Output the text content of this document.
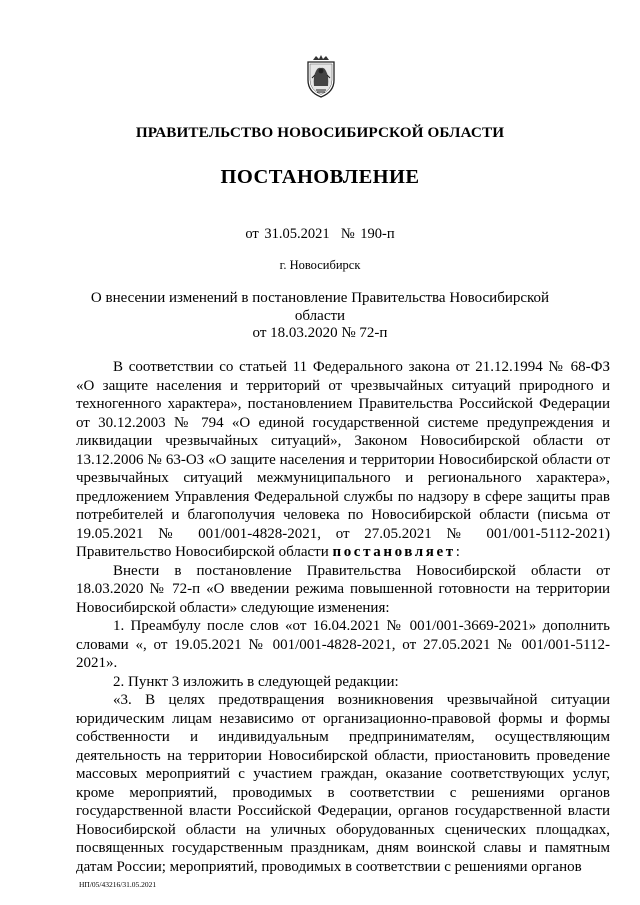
ПРАВИТЕЛЬСТВО НОВОСИБИРСКОЙ ОБЛАСТИ
ПОСТАНОВЛЕНИЕ
от 31.05.2021  № 190-п
г. Новосибирск
О внесении изменений в постановление Правительства Новосибирской области
от 18.03.2020 № 72-п

В соответствии со статьей 11 Федерального закона от 21.12.1994 № 68-ФЗ «О защите населения и территорий от чрезвычайных ситуаций природного и техногенного характера», постановлением Правительства Российской Федерации от 30.12.2003 № 794 «О единой государственной системе предупреждения и ликвидации чрезвычайных ситуаций», Законом Новосибирской области от 13.12.2006 № 63-ОЗ «О защите населения и территории Новосибирской области от чрезвычайных ситуаций межмуниципального и регионального характера», предложением Управления Федеральной службы по надзору в сфере защиты прав потребителей и благополучия человека по Новосибирской области (письма от 19.05.2021 № 001/001-4828-2021, от 27.05.2021 № 001/001-5112-2021) Правительство Новосибирской области постановляет:

Внести в постановление Правительства Новосибирской области от 18.03.2020 № 72-п «О введении режима повышенной готовности на территории Новосибирской области» следующие изменения:

1. Преамбулу после слов «от 16.04.2021 № 001/001-3669-2021» дополнить словами «, от 19.05.2021 № 001/001-4828-2021, от 27.05.2021 № 001/001-5112-2021».

2. Пункт 3 изложить в следующей редакции:

«3. В целях предотвращения возникновения чрезвычайной ситуации юридическим лицам независимо от организационно-правовой формы и формы собственности и индивидуальным предпринимателям, осуществляющим деятельность на территории Новосибирской области, приостановить проведение массовых мероприятий с участием граждан, оказание соответствующих услуг, кроме мероприятий, проводимых в соответствии с решениями органов государственной власти Российской Федерации, органов государственной власти Новосибирской области на уличных оборудованных сценических площадках, посвященных государственным праздникам, дням воинской славы и памятным датам России; мероприятий, проводимых в соответствии с решениями органов

НП/05/43216/31.05.2021
